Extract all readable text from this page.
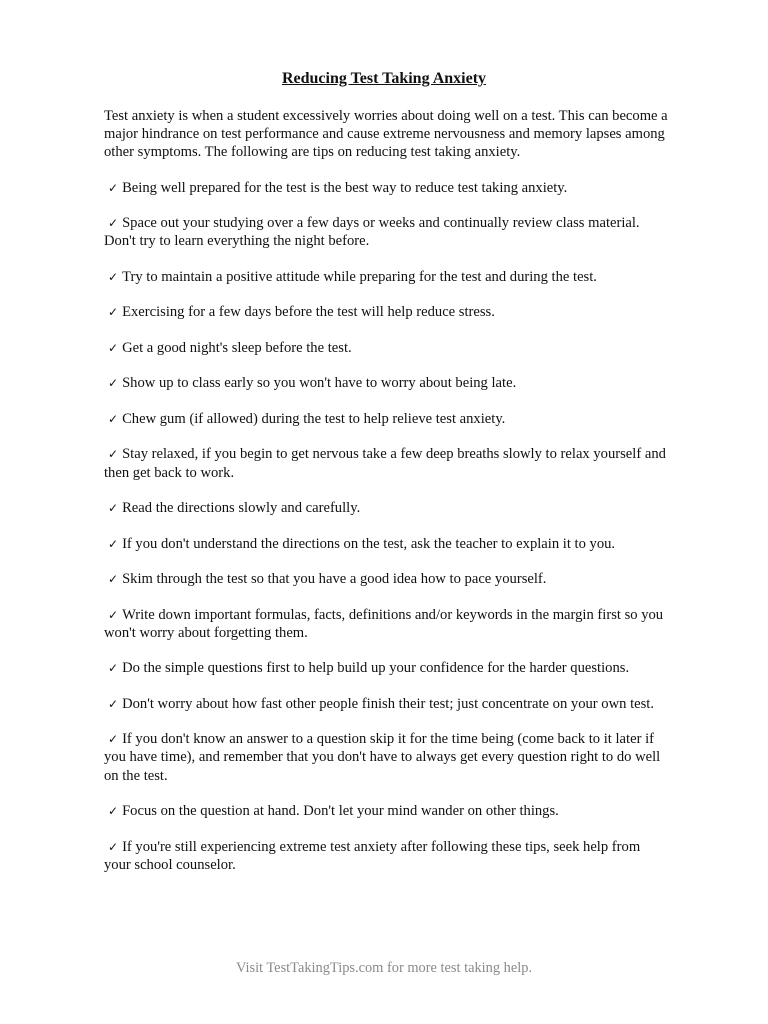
Reducing Test Taking Anxiety

Test anxiety is when a student excessively worries about doing well on a test. This can become a major hindrance on test performance and cause extreme nervousness and memory lapses among other symptoms. The following are tips on reducing test taking anxiety.

✓ Being well prepared for the test is the best way to reduce test taking anxiety.

✓ Space out your studying over a few days or weeks and continually review class material. Don't try to learn everything the night before.

✓ Try to maintain a positive attitude while preparing for the test and during the test.

✓ Exercising for a few days before the test will help reduce stress.

✓ Get a good night's sleep before the test.

✓ Show up to class early so you won't have to worry about being late.

✓ Chew gum (if allowed) during the test to help relieve test anxiety.

✓ Stay relaxed, if you begin to get nervous take a few deep breaths slowly to relax yourself and then get back to work.

✓ Read the directions slowly and carefully.

✓ If you don't understand the directions on the test, ask the teacher to explain it to you.

✓ Skim through the test so that you have a good idea how to pace yourself.

✓ Write down important formulas, facts, definitions and/or keywords in the margin first so you won't worry about forgetting them.

✓ Do the simple questions first to help build up your confidence for the harder questions.

✓ Don't worry about how fast other people finish their test; just concentrate on your own test.

✓ If you don't know an answer to a question skip it for the time being (come back to it later if you have time), and remember that you don't have to always get every question right to do well on the test.

✓ Focus on the question at hand. Don't let your mind wander on other things.

✓ If you're still experiencing extreme test anxiety after following these tips, seek help from your school counselor.

Visit TestTakingTips.com for more test taking help.
